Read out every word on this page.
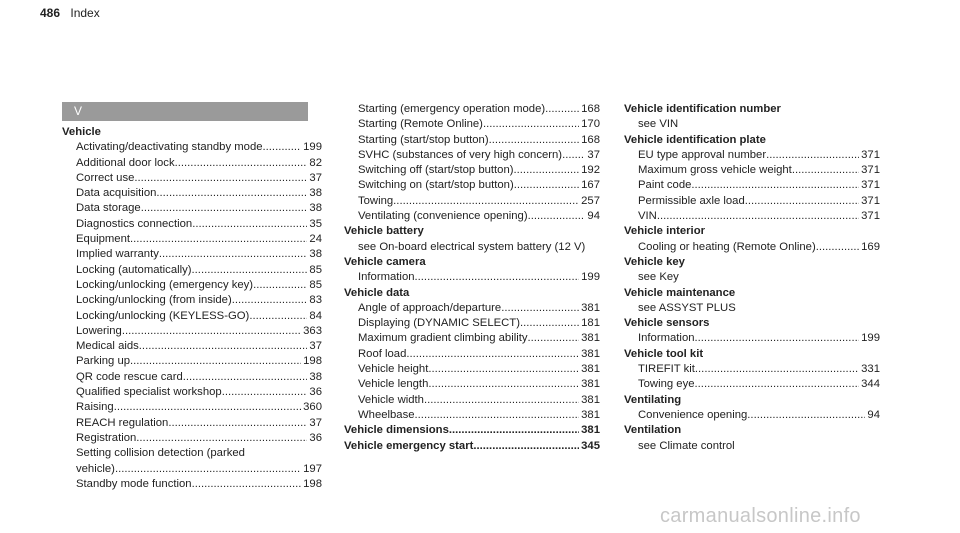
486 Index
V
Vehicle
Activating/deactivating standby mode .....	199
Additional door lock .....	82
Correct use .....	37
Data acquisition .....	38
Data storage .....	38
Diagnostics connection .....	35
Equipment .....	24
Implied warranty .....	38
Locking (automatically) .....	85
Locking/unlocking (emergency key) .....	85
Locking/unlocking (from inside) .....	83
Locking/unlocking (KEYLESS-GO) .....	84
Lowering .....	363
Medical aids .....	37
Parking up .....	198
QR code rescue card .....	38
Qualified specialist workshop .....	36
Raising .....	360
REACH regulation .....	37
Registration .....	36
Setting collision detection (parked
vehicle) .....	197
Standby mode function .....	198
Starting (emergency operation mode) .....	168
Starting (Remote Online) .....	170
Starting (start/stop button) .....	168
SVHC (substances of very high concern) ..... 37
Switching off (start/stop button) .....	192
Switching on (start/stop button) .....	167
Towing .....	257
Ventilating (convenience opening) .....	94
Vehicle battery
see On-board electrical system battery (12 V)
Vehicle camera
Information .....	199
Vehicle data
Angle of approach/departure .....	381
Displaying (DYNAMIC SELECT) .....	181
Maximum gradient climbing ability .....	381
Roof load .....	381
Vehicle height .....	381
Vehicle length .....	381
Vehicle width .....	381
Wheelbase .....	381
Vehicle dimensions .....	381
Vehicle emergency start .....	345
Vehicle identification number
see VIN
Vehicle identification plate
EU type approval number .....	371
Maximum gross vehicle weight .....	371
Paint code .....	371
Permissible axle load .....	371
VIN .....	371
Vehicle interior
Cooling or heating (Remote Online) .....	169
Vehicle key
see Key
Vehicle maintenance
see ASSYST PLUS
Vehicle sensors
Information .....	199
Vehicle tool kit
TIREFIT kit .....	331
Towing eye .....	344
Ventilating
Convenience opening .....	94
Ventilation
see Climate control
carmanualsonline.info
